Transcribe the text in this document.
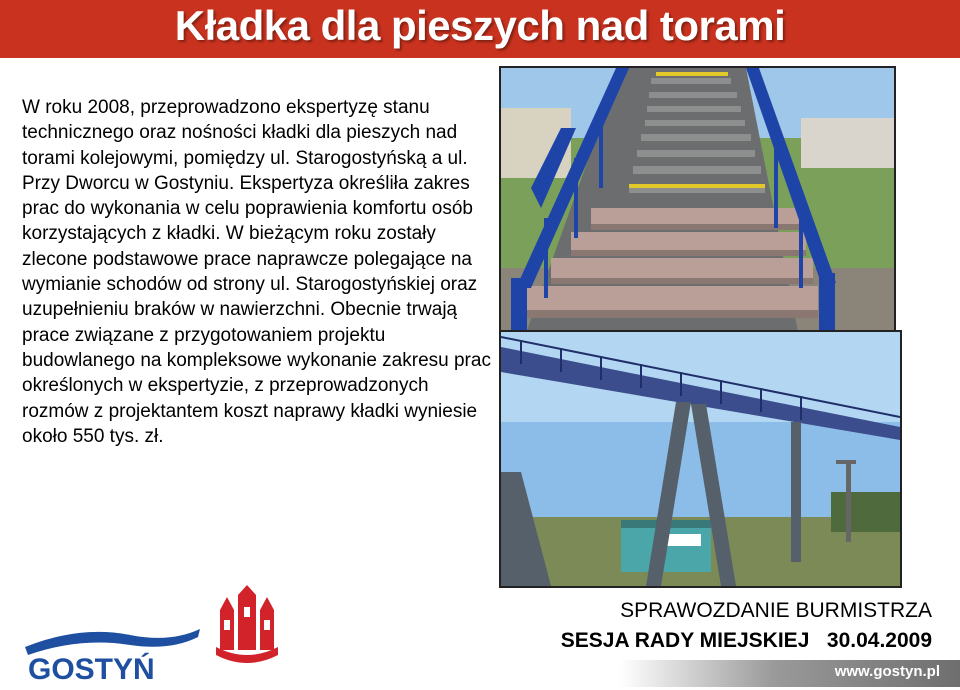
Kładka dla pieszych nad torami
W roku 2008, przeprowadzono ekspertyzę stanu technicznego oraz nośności kładki dla pieszych nad torami kolejowymi, pomiędzy ul. Starogostyńską a ul. Przy Dworcu w Gostyniu. Ekspertyza określiła zakres prac do wykonania w celu poprawienia komfortu osób korzystających z kładki. W bieżącym roku zostały zlecone podstawowe prace naprawcze polegające na wymianie schodów od strony ul. Starogostyńskiej oraz uzupełnieniu braków w nawierzchni. Obecnie trwają prace związane z przygotowaniem projektu budowlanego na kompleksowe wykonanie zakresu prac określonych w ekspertyzie, z przeprowadzonych rozmów z projektantem koszt naprawy kładki wyniesie około 550 tys. zł.
GOSTYŃ
SPRAWOZDANIE BURMISTRZA
SESJA RADY MIEJSKIEJ 30.04.2009
www.gostyn.pl
